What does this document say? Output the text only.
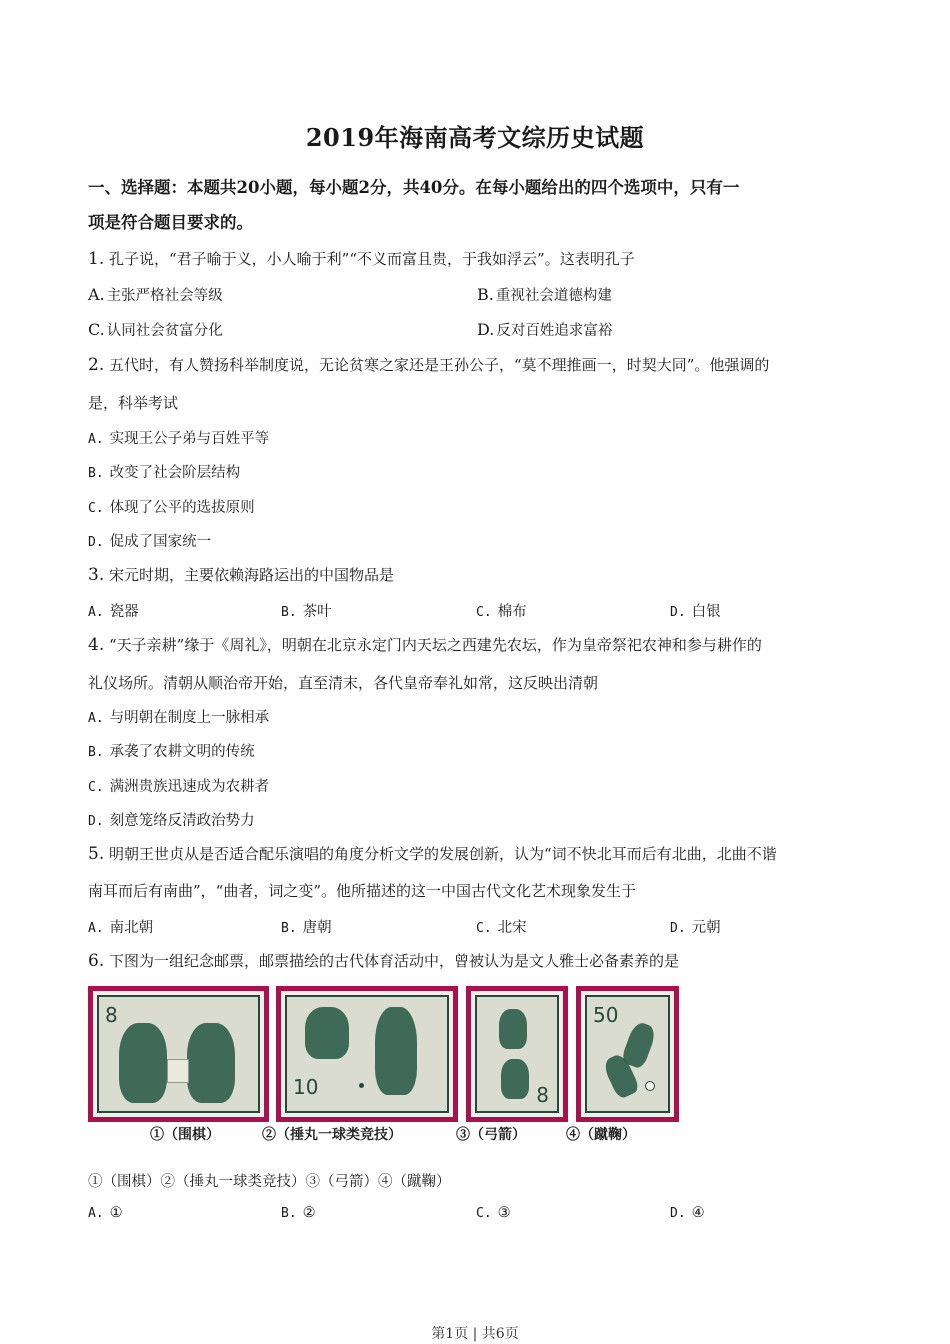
2019年海南高考文综历史试题
一、选择题：本题共20小题，每小题2分，共40分。在每小题给出的四个选项中，只有一
项是符合题目要求的。
1. 孔子说，“君子喻于义，小人喻于利”“不义而富且贵，于我如浮云”。这表明孔子
A. 主张严格社会等级	B. 重视社会道德构建
C. 认同社会贫富分化	D. 反对百姓追求富裕
2. 五代时，有人赞扬科举制度说，无论贫寒之家还是王孙公子，“莫不理推画一，时契大同”。他强调的
是，科举考试
A. 实现王公子弟与百姓平等
B. 改变了社会阶层结构
C. 体现了公平的选拔原则
D. 促成了国家统一
3. 宋元时期，主要依赖海路运出的中国物品是
A. 瓷器	B. 茶叶	C. 棉布	D. 白银
4. “天子亲耕”缘于《周礼》，明朝在北京永定门内天坛之西建先农坛，作为皇帝祭祀农神和参与耕作的
礼仪场所。清朝从顺治帝开始，直至清末，各代皇帝奉礼如常，这反映出清朝
A. 与明朝在制度上一脉相承
B. 承袭了农耕文明的传统
C. 满洲贵族迅速成为农耕者
D. 刻意笼络反清政治势力
5. 明朝王世贞从是否适合配乐演唱的角度分析文学的发展创新，认为“词不快北耳而后有北曲，北曲不谐
南耳而后有南曲”，“曲者，词之变”。他所描述的这一中国古代文化艺术现象发生于
A. 南北朝	B. 唐朝	C. 北宋	D. 元朝
6. 下图为一组纪念邮票，邮票描绘的古代体育活动中，曾被认为是文人雅士必备素养的是
8
①（围棋）
10
②（捶丸一球类竞技）
8
③（弓箭）
50
④（蹴鞠）
①（围棋）②（捶丸一球类竞技）③（弓箭）④（蹴鞠）
A. ①	B. ②	C. ③	D. ④
第1页 | 共6页
